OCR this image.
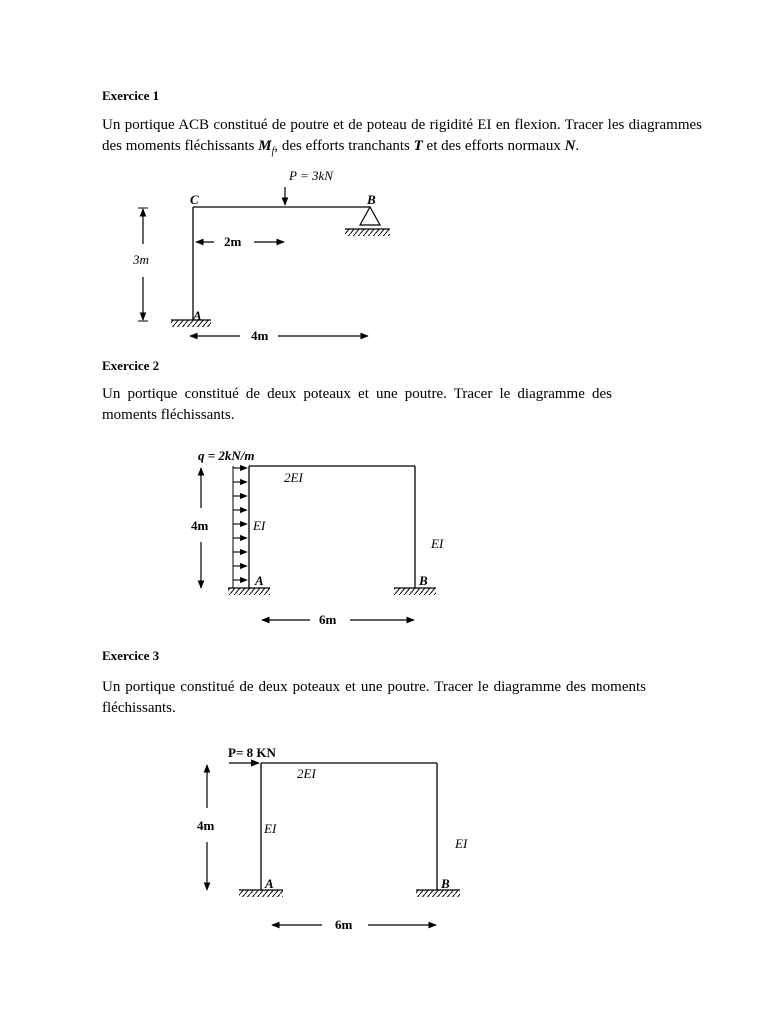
Exercice 1

Un portique ACB constitué de poutre et de poteau de rigidité EI en flexion. Tracer les diagrammes des moments fléchissants $M_f$, des efforts tranchants T et des efforts normaux N.

P = 3kN
C	B
A
2m
3m
4m
Exercice 2

Un portique constitué de deux poteaux et une poutre. Tracer le diagramme des moments fléchissants.

q = 2kN/m
2EI
EI
EI
A	B
4m
6m
Exercice 3

Un portique constitué de deux poteaux et une poutre. Tracer le diagramme des moments fléchissants.

P= 8 KN
2EI
EI
EI
A	B
4m
6m
